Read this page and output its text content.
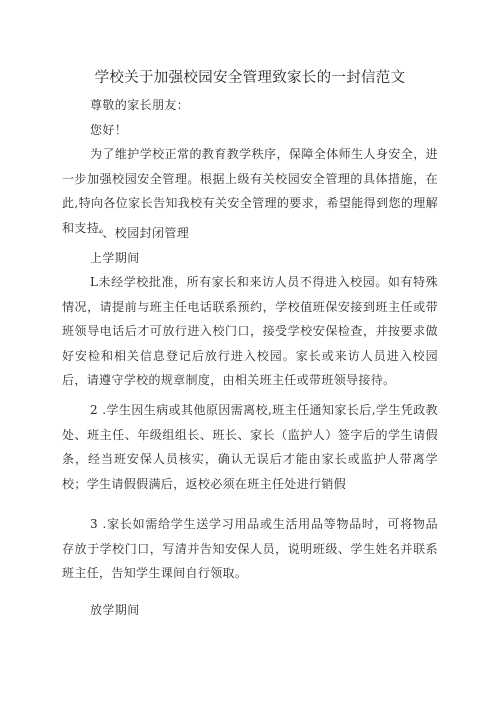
学校关于加强校园安全管理致家长的一封信范文
尊敬的家长朋友：
您好！
为了维护学校正常的教育教学秩序，保障全体师生人身安全，进一步加强校园安全管理。根据上级有关校园安全管理的具体措施，在此,特向各位家长告知我校有关安全管理的要求，希望能得到您的理解和支持。
一、校园封闭管理
上学期间
L未经学校批准，所有家长和来访人员不得进入校园。如有特殊情况，请提前与班主任电话联系预约，学校值班保安接到班主任或带班领导电话后才可放行进入校门口，接受学校安保检查，并按要求做好安检和相关信息登记后放行进入校园。家长或来访人员进入校园后，请遵守学校的规章制度，由相关班主任或带班领导接待。
2 .学生因生病或其他原因需离校,班主任通知家长后,学生凭政教处、班主任、年级组组长、班长、家长（监护人）签字后的学生请假条，经当班安保人员核实，确认无误后才能由家长或监护人带离学校；学生请假假满后，返校必须在班主任处进行销假
3 .家长如需给学生送学习用品或生活用品等物品时，可将物品存放于学校门口，写清并告知安保人员，说明班级、学生姓名并联系班主任，告知学生课间自行领取。
放学期间
